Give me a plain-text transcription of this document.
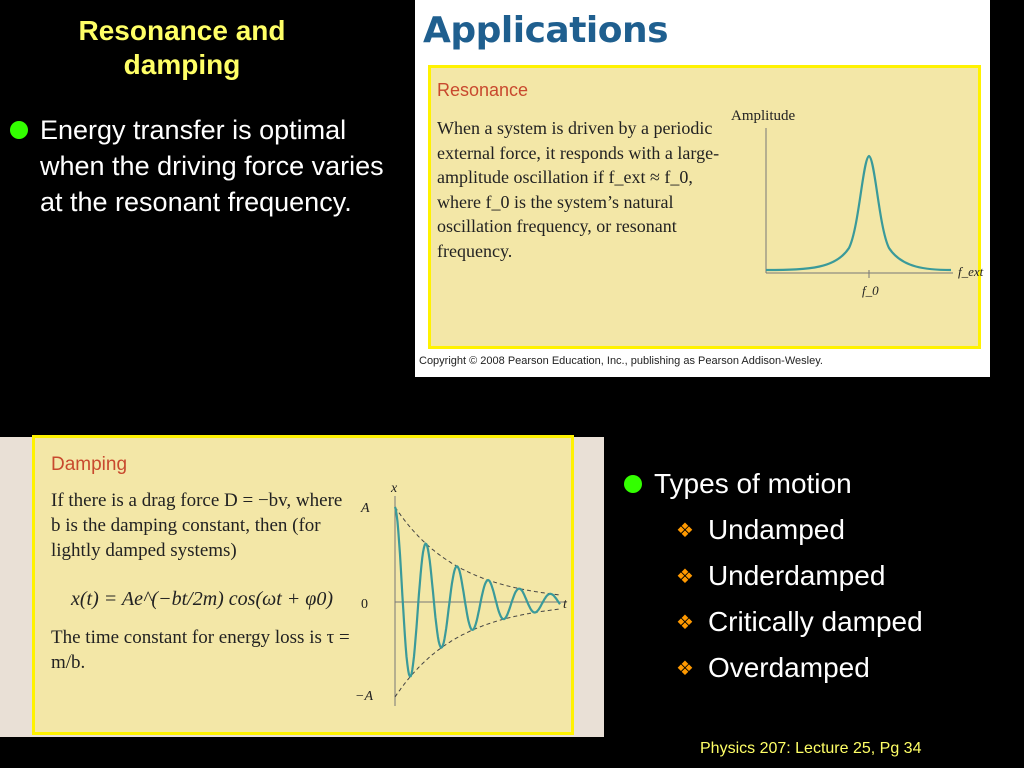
Resonance and damping
Energy transfer is optimal when the driving force varies at the resonant frequency.
Applications
Resonance
When a system is driven by a periodic external force, it responds with a large-amplitude oscillation if f_ext ≈ f_0, where f_0 is the system’s natural oscillation frequency, or resonant frequency.
Amplitude
f_ext
f_0
Copyright © 2008 Pearson Education, Inc., publishing as Pearson Addison-Wesley.
Damping
If there is a drag force D = −bv, where b is the damping constant, then (for lightly damped systems)
x(t) = Ae^(−bt/2m) cos(ωt + φ0)
The time constant for energy loss is τ = m/b.
x
A
0
−A
t
Types of motion
❖ Undamped
❖ Underdamped
❖ Critically damped
❖ Overdamped
Physics 207: Lecture 25, Pg 34
